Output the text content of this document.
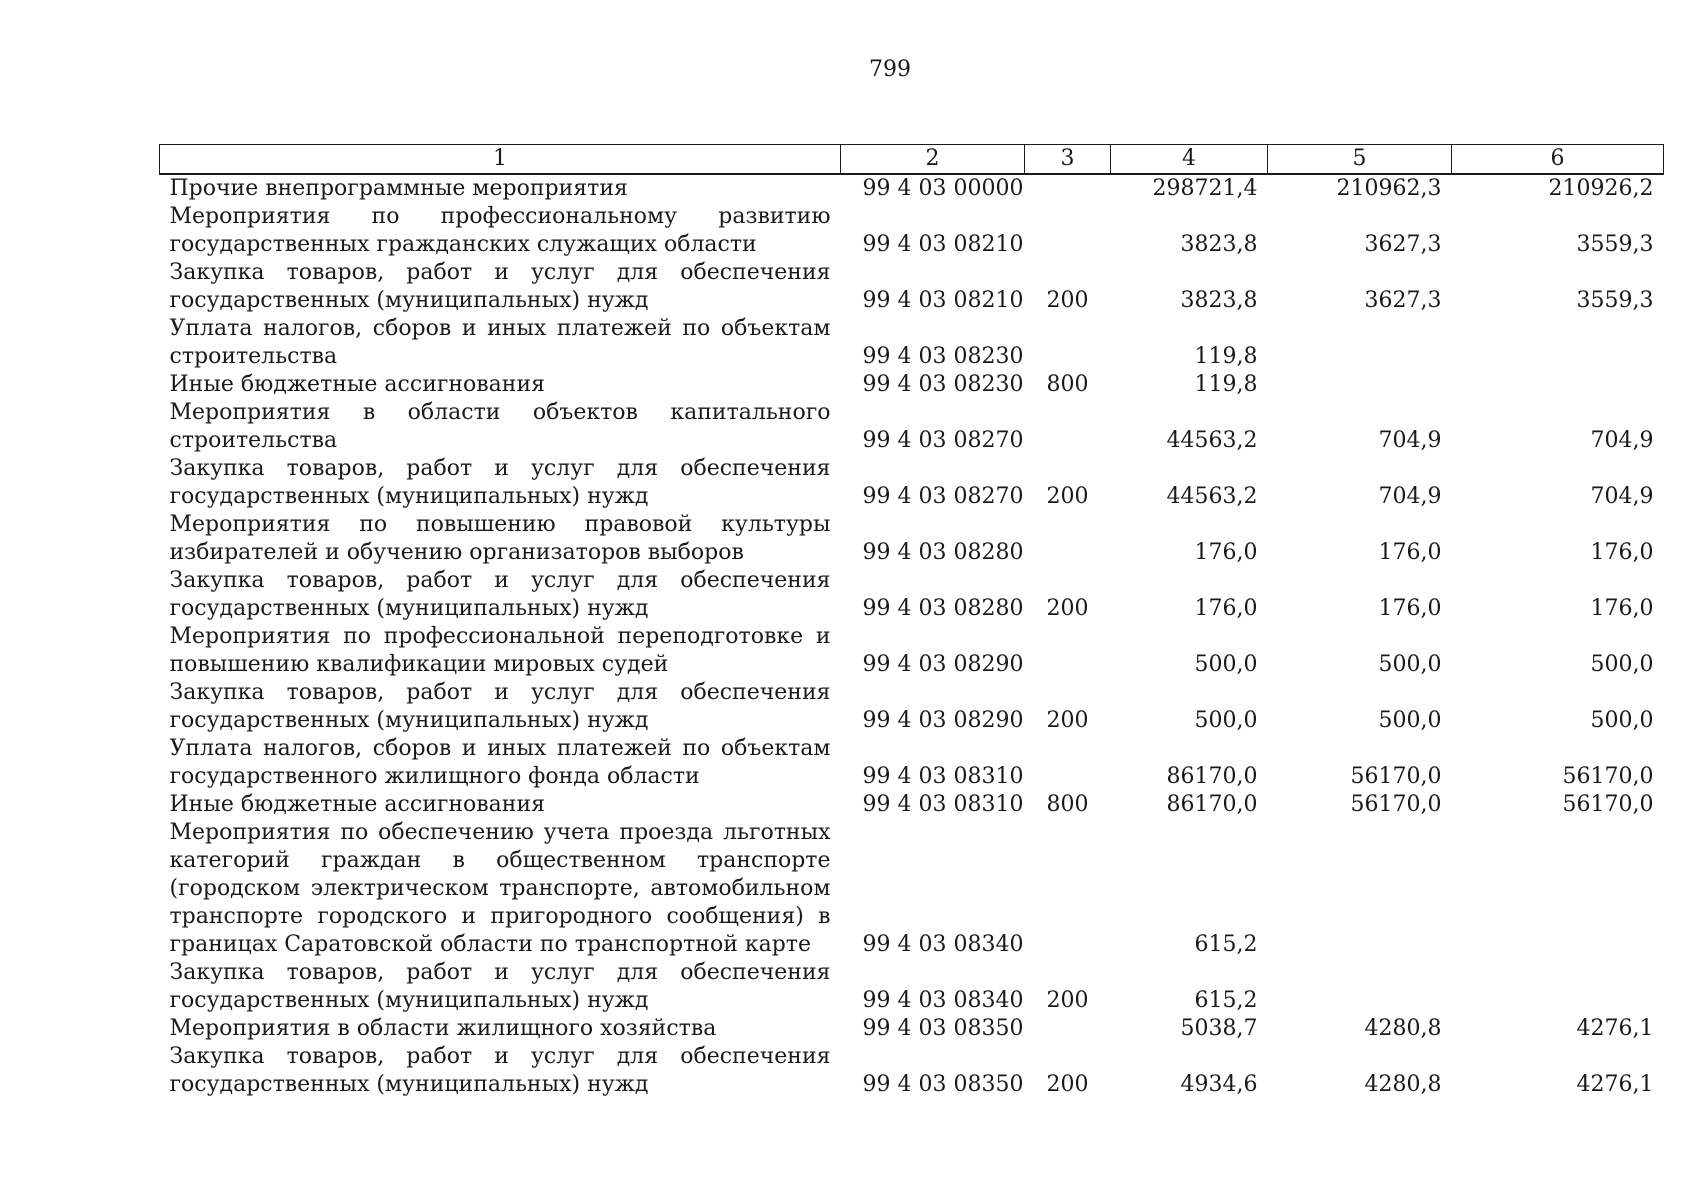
799
1	2	3	4	5	6
Прочие внепрограммные мероприятия	99 4 03 00000		298721,4	210962,3	210926,2
Мероприятия по профессиональному развитию государственных гражданских служащих области	99 4 03 08210		3823,8	3627,3	3559,3
Закупка товаров, работ и услуг для обеспечения государственных (муниципальных) нужд	99 4 03 08210	200	3823,8	3627,3	3559,3
Уплата налогов, сборов и иных платежей по объектам строительства	99 4 03 08230		119,8		
Иные бюджетные ассигнования	99 4 03 08230	800	119,8		
Мероприятия в области объектов капитального строительства	99 4 03 08270		44563,2	704,9	704,9
Закупка товаров, работ и услуг для обеспечения государственных (муниципальных) нужд	99 4 03 08270	200	44563,2	704,9	704,9
Мероприятия по повышению правовой культуры избирателей и обучению организаторов выборов	99 4 03 08280		176,0	176,0	176,0
Закупка товаров, работ и услуг для обеспечения государственных (муниципальных) нужд	99 4 03 08280	200	176,0	176,0	176,0
Мероприятия по профессиональной переподготовке и повышению квалификации мировых судей	99 4 03 08290		500,0	500,0	500,0
Закупка товаров, работ и услуг для обеспечения государственных (муниципальных) нужд	99 4 03 08290	200	500,0	500,0	500,0
Уплата налогов, сборов и иных платежей по объектам государственного жилищного фонда области	99 4 03 08310		86170,0	56170,0	56170,0
Иные бюджетные ассигнования	99 4 03 08310	800	86170,0	56170,0	56170,0
Мероприятия по обеспечению учета проезда льготных категорий граждан в общественном транспорте (городском электрическом транспорте, автомобильном транспорте городского и пригородного сообщения) в границах Саратовской области по транспортной карте	99 4 03 08340		615,2		
Закупка товаров, работ и услуг для обеспечения государственных (муниципальных) нужд	99 4 03 08340	200	615,2		
Мероприятия в области жилищного хозяйства	99 4 03 08350		5038,7	4280,8	4276,1
Закупка товаров, работ и услуг для обеспечения государственных (муниципальных) нужд	99 4 03 08350	200	4934,6	4280,8	4276,1
